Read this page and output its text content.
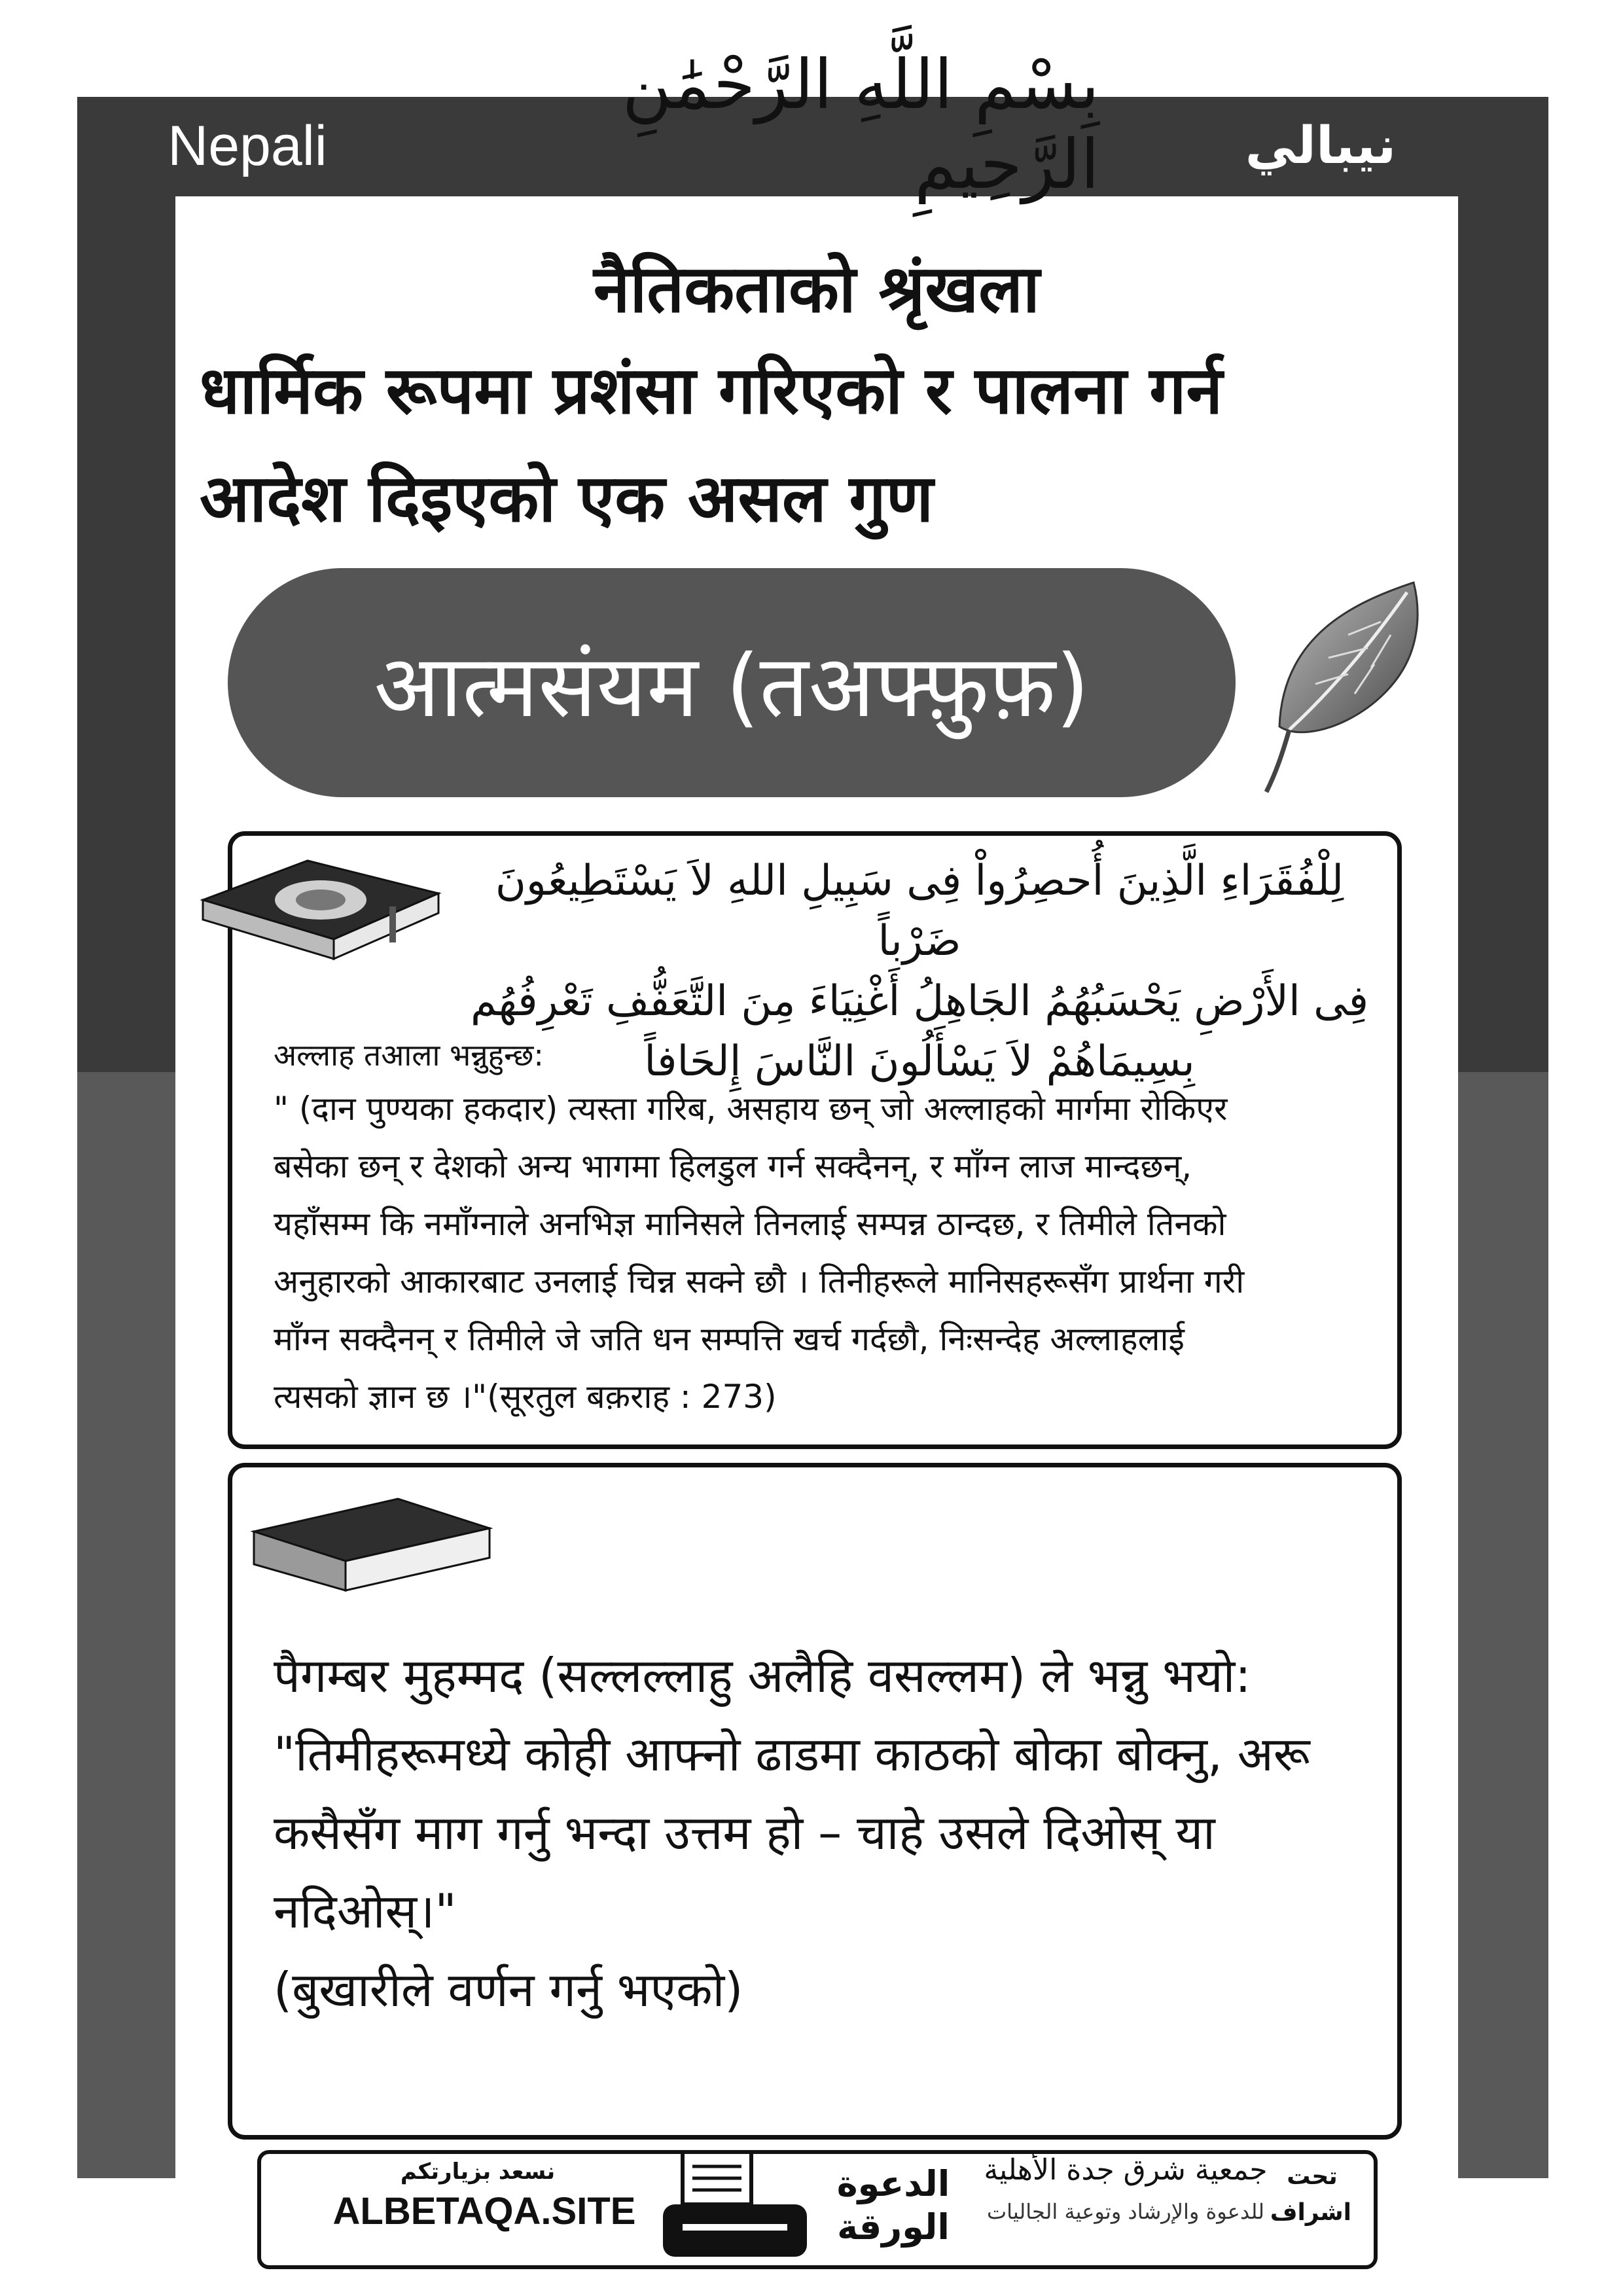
Nepali	نيبالي
بِسْمِ اللَّهِ الرَّحْمَٰنِ الرَّحِيمِ
नैतिकताको श्रृंखला
धार्मिक रूपमा प्रशंसा गरिएको र पालना गर्न
आदेश दिइएको एक असल गुण
आत्मसंयम (तअफ्फ़ुफ़)
لِلْفُقَرَاءِ الَّذِينَ أُحصِرُواْ فِى سَبِيلِ اللهِ لاَ يَسْتَطِيعُونَ ضَرْباً
فِى الأَرْضِ يَحْسَبُهُمُ الجَاهِلُ أَغْنِيَاءَ مِنَ التَّعَفُّفِ تَعْرِفُهُم
بِسِيمَاهُمْ لاَ يَسْأَلُونَ النَّاسَ إِلحَافاً
अल्लाह तआला भन्नुहुन्छ:
" (दान पुण्यका हकदार) त्यस्ता गरिब, असहाय छन् जो अल्लाहको मार्गमा रोकिएर
बसेका छन् र देशको अन्य भागमा हिलडुल गर्न सक्दैनन्, र माँग्न लाज मान्दछन्,
यहाँसम्म कि नमाँग्नाले अनभिज्ञ मानिसले तिनलाई सम्पन्न ठान्दछ, र तिमीले तिनको
अनुहारको आकारबाट उनलाई चिन्न सक्ने छौ । तिनीहरूले मानिसहरूसँग प्रार्थना गरी
माँग्न सक्दैनन् र तिमीले जे जति धन सम्पत्ति खर्च गर्दछौ, निःसन्देह अल्लाहलाई
त्यसको ज्ञान छ ।"(सूरतुल बक़राह : 273)
पैगम्बर मुहम्मद (सल्लल्लाहु अलैहि वसल्लम) ले भन्नु भयो:
"तिमीहरूमध्ये कोही आफ्नो ढाडमा काठको बोका बोक्नु, अरू
कसैसँग माग गर्नु भन्दा उत्तम हो – चाहे उसले दिओस् या
नदिओस्।"
(बुखारीले वर्णन गर्नु भएको)
نسعد بزيارتكم
ALBETAQA.SITE
الدعوة
الورقة
جمعية شرق جدة الأهلية
للدعوة والإرشاد وتوعية الجاليات
تحت
اشراف
